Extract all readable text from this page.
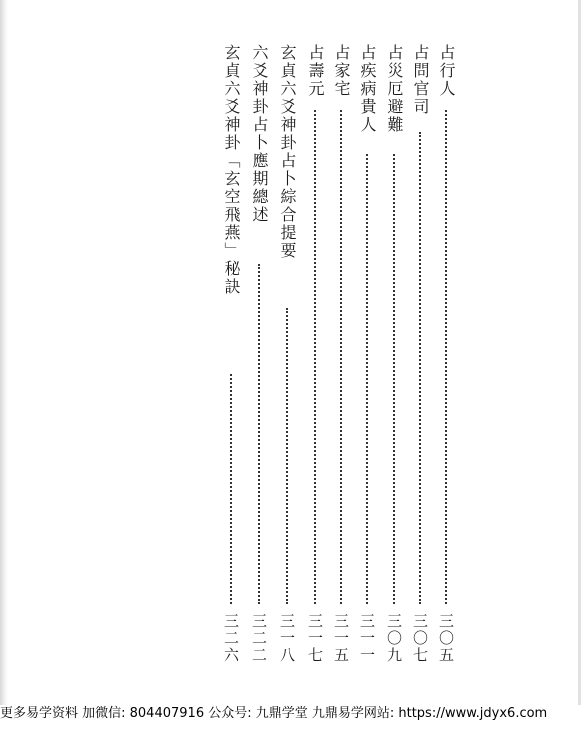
占行人
三〇五
占問官司
三〇七
占災厄避難
三〇九
占疾病貴人
三一一
占家宅
三一五
占壽元
三一七
玄貞六爻神卦占卜綜合提要
三一八
六爻神卦占卜應期總述
三二二
玄貞六爻神卦「玄空飛燕」秘訣
三二六
更多易学资料 加微信: 804407916 公众号: 九鼎学堂 九鼎易学网站: https://www.jdyx6.com
